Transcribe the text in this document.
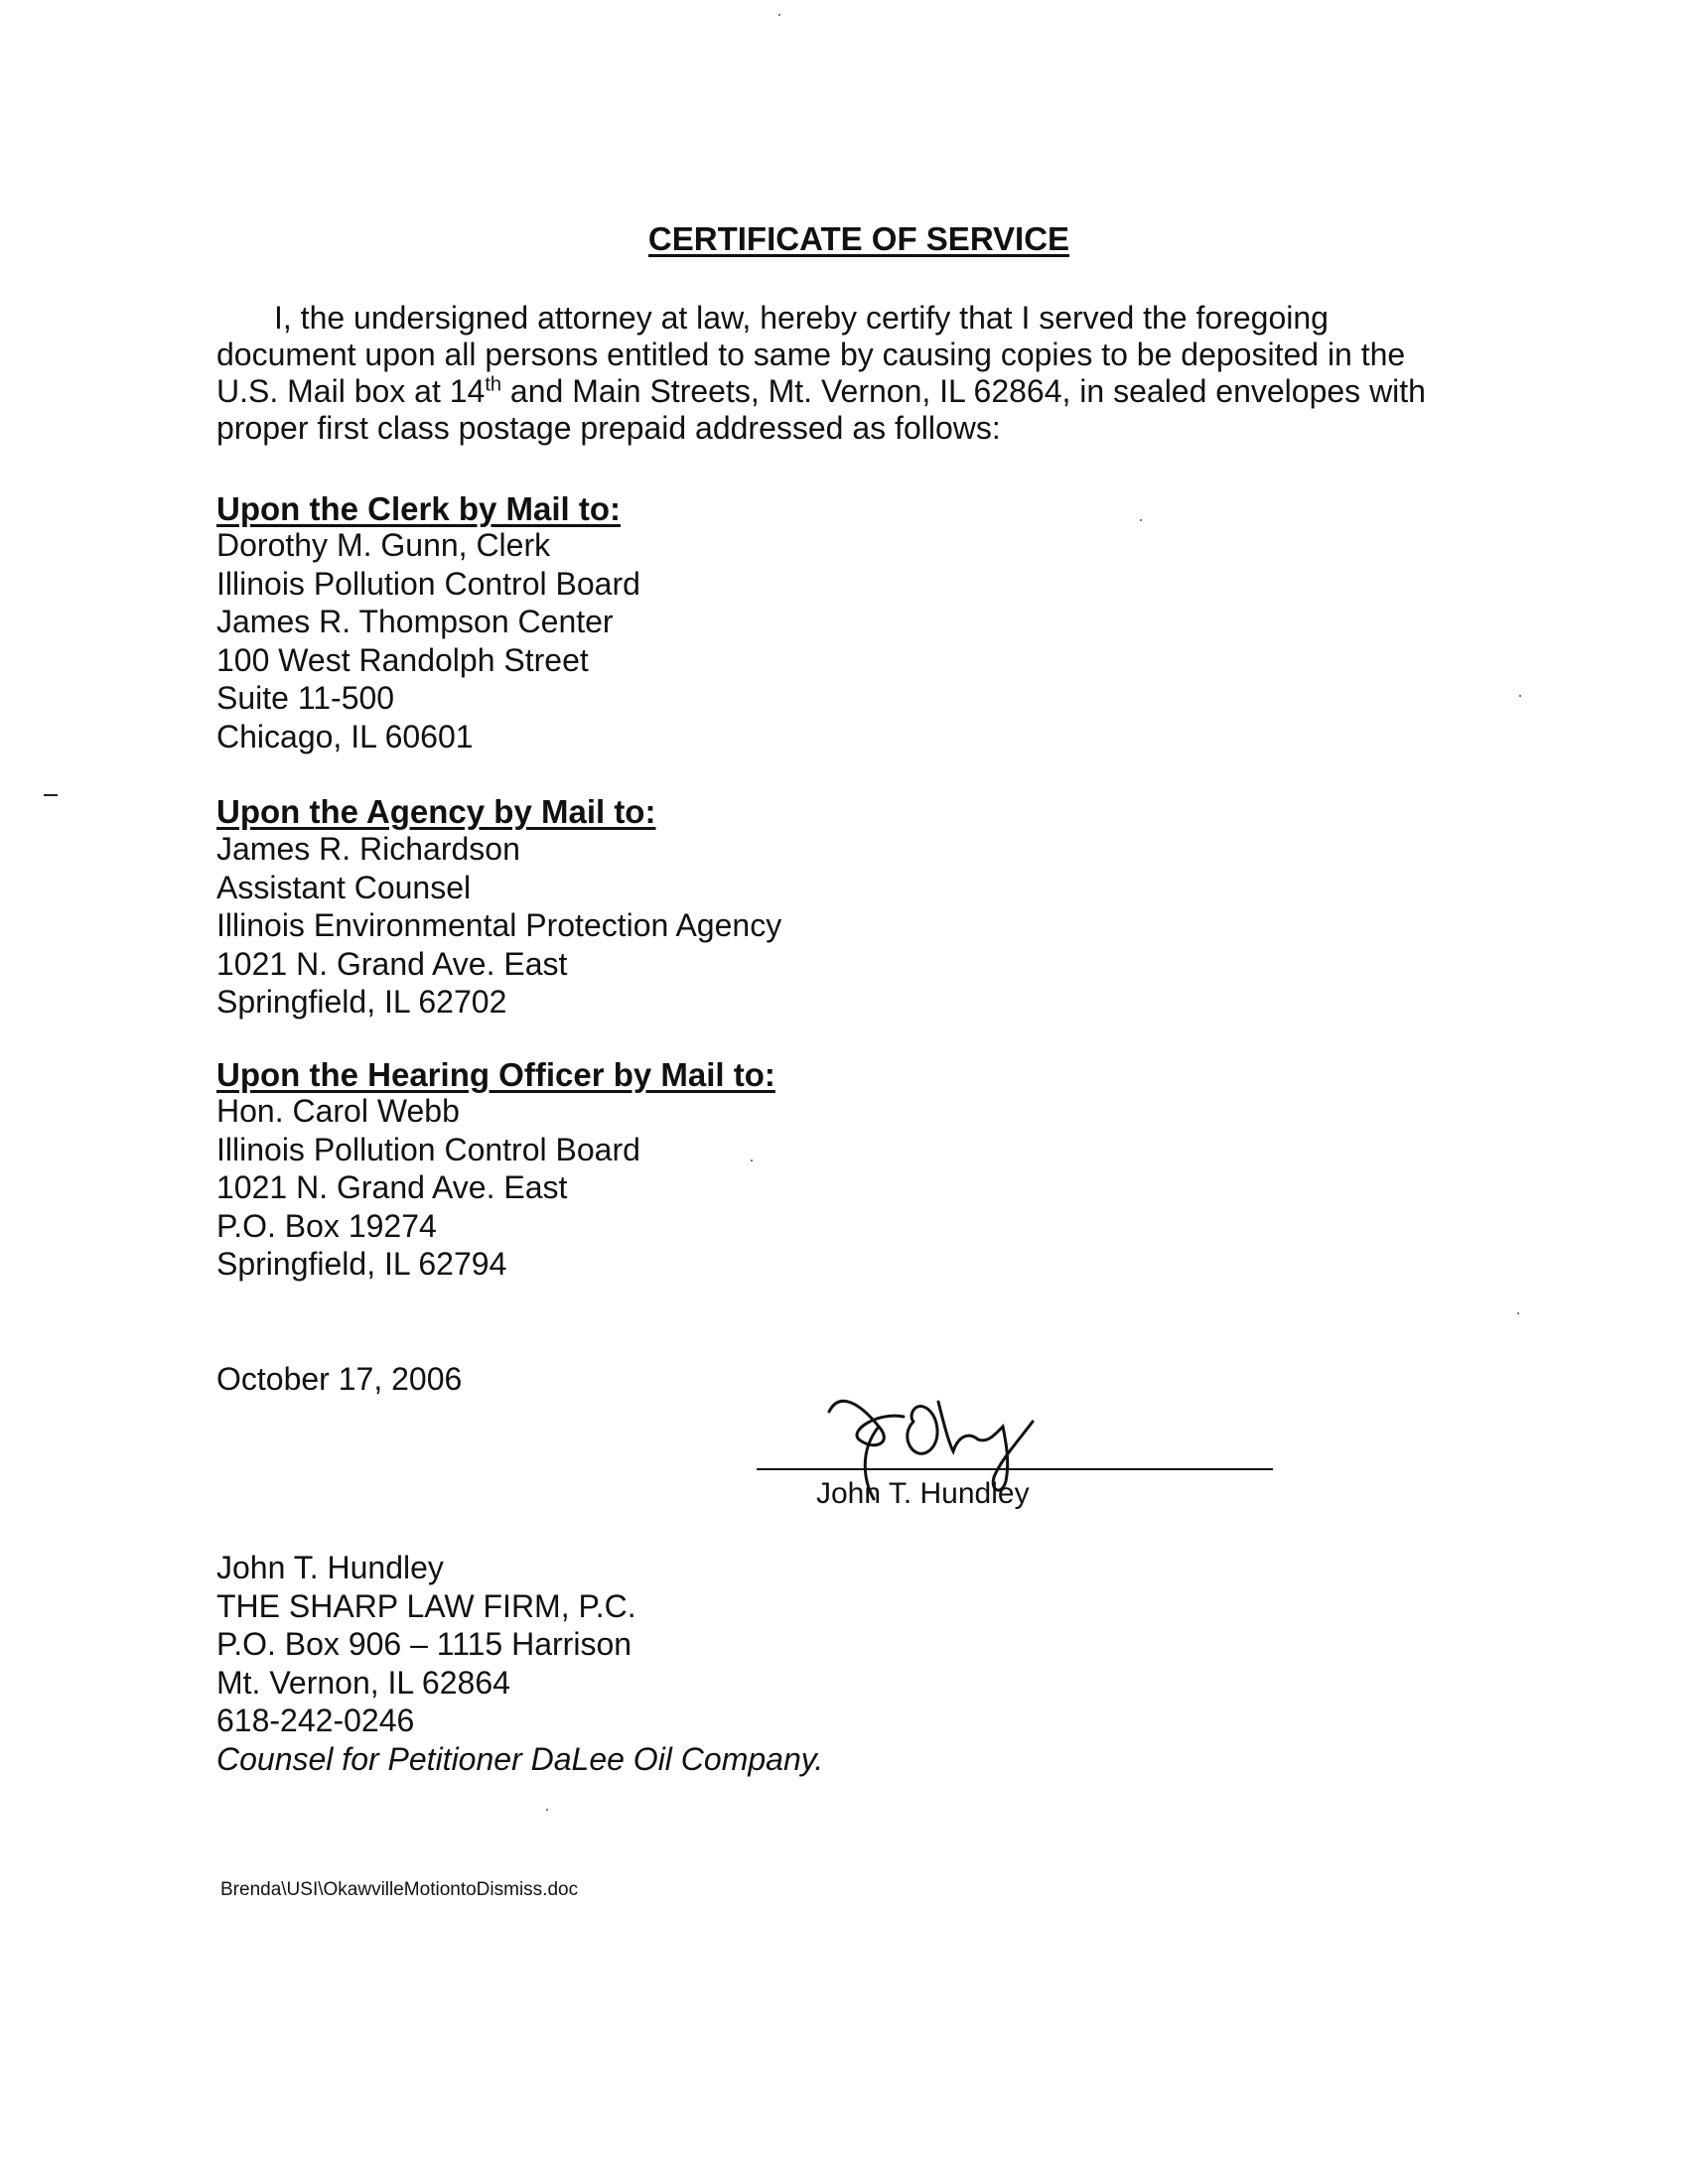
CERTIFICATE OF SERVICE
I, the undersigned attorney at law, hereby certify that I served the foregoing
document upon all persons entitled to same by causing copies to be deposited in the
U.S. Mail box at 14th and Main Streets, Mt. Vernon, IL 62864, in sealed envelopes with
proper first class postage prepaid addressed as follows:
Upon the Clerk by Mail to:
Dorothy M. Gunn, Clerk
Illinois Pollution Control Board
James R. Thompson Center
100 West Randolph Street
Suite 11-500
Chicago, IL 60601
Upon the Agency by Mail to:
James R. Richardson
Assistant Counsel
Illinois Environmental Protection Agency
1021 N. Grand Ave. East
Springfield, IL 62702
Upon the Hearing Officer by Mail to:
Hon. Carol Webb
Illinois Pollution Control Board
1021 N. Grand Ave. East
P.O. Box 19274
Springfield, IL 62794
October 17, 2006
John T. Hundley
John T. Hundley
THE SHARP LAW FIRM, P.C.
P.O. Box 906 – 1115 Harrison
Mt. Vernon, IL 62864
618-242-0246
Counsel for Petitioner DaLee Oil Company.
Brenda\USI\OkawvilleMotiontoDismiss.doc
